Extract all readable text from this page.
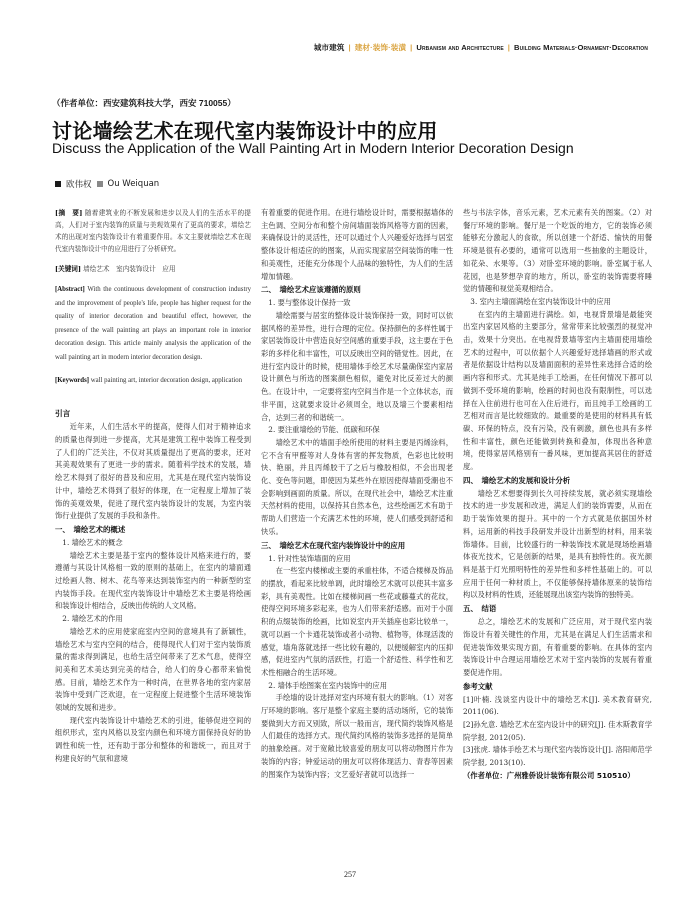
城市建筑 | 建材·装饰·装潢 | Urbanism and Architecture | Building Materials·Ornament·Decoration
（作者单位：西安建筑科技大学，西安 710055）
讨论墙绘艺术在现代室内装饰设计中的应用
Discuss the Application of the Wall Painting Art in Modern Interior Decoration Design
欧伟权 Ou Weiquan
[摘　要] 随着建筑业的不断发展和进步以及人们的生活水平的提高，人们对于室内装饰的质量与美观效果有了更高的要求，墙绘艺术的出现对室内装饰设计有着重要作用。本文主要就墙绘艺术在现代室内装饰设计中的应用进行了分析研究。
[关键词] 墙绘艺术　室内装饰设计　应用
[Abstract] With the continuous development of construction industry and the improvement of people's life, people has higher request for the quality of interior decoration and beautiful effect, however, the presence of the wall painting art plays an important role in interior decoration design. This article mainly analysis the application of the wall painting art in modern interior decoration design.
[Keywords] wall painting art, interior decoration design, application
引言

近年来，人们生活水平的提高，使得人们对于精神追求的质量也得到进一步提高，尤其是建筑工程中装饰工程受到了人们的广泛关注，不仅对其质量提出了更高的要求，还对其美观效果有了更进一步的需求。随着科学技术的发展，墙绘艺术得到了很好的普及和应用，尤其是在现代室内装饰设计中，墙绘艺术得到了很好的体现，在一定程度上增加了装饰的美观效果，促进了现代室内装饰设计的发展，为室内装饰行业提供了发展的手段和条件。

一、　墙绘艺术的概述
1. 墙绘艺术的概念

墙绘艺术主要是基于室内的整体设计风格来进行的，要遵循与其设计风格相一致的原则的基础上，在室内的墙面通过绘画人物、树木、花鸟等来达到装饰室内的一种新型的室内装饰手段。在现代室内装饰设计中墙绘艺术主要是将绘画和装饰设计相结合，反映出传统的人文风格。

2. 墙绘艺术的作用

墙绘艺术的应用使家庭室内空间的意境具有了新颖性，墙绘艺术与室内空间的结合，使得现代人们对于室内装饰质量的需求得到满足，也给生活空间带来了艺术气息，使得空间美和艺术美达到完美的结合，给人们的身心都带来愉悦感。目前，墙绘艺术作为一种时尚，在世界各地的室内家居装饰中受到广泛欢迎，在一定程度上促进整个生活环境装饰领域的发展和进步。

现代室内装饰设计中墙绘艺术的引进，能够促进空间的组织形式，室内风格以及室内颜色和环境方面保持良好的协调性和统一性，还有助于部分和整体的和谐统一，而且对于构建良好的气氛和意境

有着重要的促进作用。在进行墙绘设计时，需要根据墙体的主色调、空间分布和整个房间墙面装饰风格等方面的因素，来确保设计的灵活性，还可以通过个人兴趣爱好选择与居室整体设计相适应的的图案，从而实现家居空间装饰的唯一性和美观性，还能充分体现个人品味的独特性，为人们的生活增加情趣。

二、　墙绘艺术应该遵循的原则
1. 要与整体设计保持一致

墙绘需要与居室的整体设计装饰保持一致，同时可以依据风格的差异性，进行合理的定位。保持颜色的多样性属于家居装饰设计中营造良好空间感的重要手段，这主要在于色彩的多样化和丰富性，可以反映出空间的错觉性。因此，在进行室内设计的时候，使用墙体手绘艺术尽量确保室内家居设计颜色与所选的图案颜色相似，避免对比反差过大的颜色。在设计中，一定要将室内空间当作是一个立体状态，而非平面，这就要求设计必须周全，地以及墙三个要素相结合，达到三者的和谐统一。

2. 要注重墙绘的节能、低碳和环保

墙绘艺术中的墙面手绘所使用的材料主要是丙烯涂料，它不含有甲醛等对人身体有害的挥发物质，色彩也比较明快、艳丽，并且丙烯胶干了之后与橡胶相似，不会出现老化、变色等问题，即使因为某些外在原因使得墙面受潮也不会影响到画面的质量。所以，在现代社会中，墙绘艺术注重天然材料的使用，以保持其自然本色，这些绘画艺术有助于帮助人们营造一个充满艺术性的环境，使人们感受到舒适和快乐。

三、　墙绘艺术在现代室内装饰设计中的应用
1. 针对性装饰墙面的应用

在一些室内楼梯或主要的承重柱体，不适合楼梯及饰品的摆放，看起来比较单调，此时墙绘艺术就可以使其丰富多彩，具有美观性。比如在楼梯间画一些花或藤蔓式的花纹，使得空间环境多彩起来，也为人们带来舒适感。而对于小面积的点缀装饰的绘画，比如说室内开关插座也彩比较单一，就可以画一个卡通花装饰或者小动物、植物等，体现活泼的感觉，墙角落就选择一些比较有趣的，以便缓解室内的压抑感，促进室内气氛的活跃性，打造一个舒适性、科学性和艺术性相融合的生活环境。

2. 墙体手绘图案在室内装饰中的应用

手绘墙的设计选择对室内环境有很大的影响。（1）对客厅环境的影响。客厅是整个家庭主要的活动场所，它的装饰要做到大方而又别致，所以一般而言，现代简约装饰风格是人们最佳的选择方式。现代简约风格的装饰多选择的是简单的抽象绘画。对于宽敞比较喜爱的朋友可以将动物图片作为装饰的内容；钟爱运动的朋友可以将体现活力、青春等因素的图案作为装饰内容；文艺爱好者就可以选择一

些与书法字体，音乐元素，艺术元素有关的图案。（2）对餐厅环境的影响。餐厅是一个吃饭的地方，它的装饰必须能够充分激起人的食欲，所以创建一个舒适、愉快的用餐环境是很有必要的，通常可以选用一些抽象的主题设计，如花朵、水果等。（3）对卧室环境的影响。卧室属于私人花园，也是梦想孕育的地方，所以，卧室的装饰需要将睡觉的情趣和视觉美观相结合。

3. 室内主墙面满绘在室内装饰设计中的应用

在室内的主墙面进行满绘。如，电视背景墙是最能突出室内家居风格的主要部分，常常带来比较强烈的视觉冲击，效果十分突出。在电视背景墙等室内主墙面使用墙绘艺术的过程中，可以依据个人兴趣爱好选择墙画的形式或者是依据设计结构以及墙面面积的差异性来选择合适的绘画内容和形式。尤其是纯手工绘画，在任何情况下都可以做到不受环境的影响，绘画的时间也没有限制性，可以选择在入住前进行也可在入住后进行，而且纯手工绘画的工艺相对而言是比较细致的。最重要的是使用的材料具有低碳、环保的特点，没有污染，没有刺激，颜色也具有多样性和丰富性，颜色还能做到转换和叠加，体现出各种意境，使得家居风格别有一番风味，更加提高其居住的舒适度。

四、　墙绘艺术的发展和设计分析

墙绘艺术想要得到长久可持续发展，就必须实现墙绘技术的进一步发展和改进，满足人们的装饰需要，从而在助于装饰效果的提升。其中的一个方式就是依据国外材料，运用新的科技手段研发并设计出新型的材料，用来装饰墙体。目前，比较盛行的一种装饰技术就是现场绘画墙体夜光技术，它是创新的结果，是具有独特性的。夜光颜料是基于灯光照明特性的差异性和多样性基础上的。可以应用于任何一种材质上，不仅能够保持墙体原来的装饰结构以及材料的性质，还能展现出该室内装饰的独特美。

五、　结语

总之，墙绘艺术的发展和广泛应用，对于现代室内装饰设计有着关键性的作用，尤其是在满足人们生活需求和促进装饰效果实现方面，有着重要的影响。在具体的室内装饰设计中合理运用墙绘艺术对于室内装饰的发展有着重要促进作用。

参考文献
[1]叶楠. 浅谈室内设计中的墙绘艺术[J]. 美术教育研究, 2011(06).
[2]孙允意. 墙绘艺术在室内设计中的研究[J]. 佳木斯教育学院学报, 2012(05).
[3]张虎. 墙体手绘艺术与现代室内装饰设计[J]. 洛阳师范学院学报, 2013(10).
（作者单位：广州雅侨设计装饰有限公司 510510）
257
